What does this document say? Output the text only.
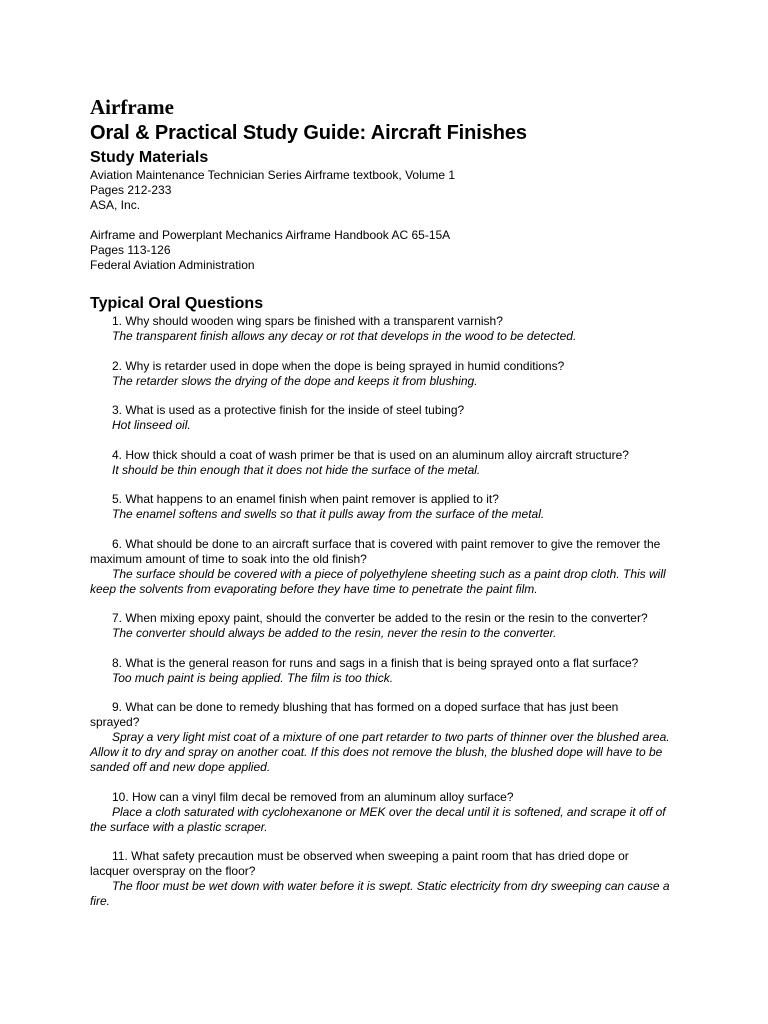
Airframe
Oral & Practical Study Guide: Aircraft Finishes
Study Materials
Aviation Maintenance Technician Series Airframe textbook, Volume 1
Pages 212-233
ASA, Inc.
Airframe and Powerplant Mechanics Airframe Handbook AC 65-15A
Pages 113-126
Federal Aviation Administration
Typical Oral Questions
1. Why should wooden wing spars be finished with a transparent varnish?
The transparent finish allows any decay or rot that develops in the wood to be detected.
2. Why is retarder used in dope when the dope is being sprayed in humid conditions?
The retarder slows the drying of the dope and keeps it from blushing.
3. What is used as a protective finish for the inside of steel tubing?
Hot linseed oil.
4. How thick should a coat of wash primer be that is used on an aluminum alloy aircraft structure?
It should be thin enough that it does not hide the surface of the metal.
5. What happens to an enamel finish when paint remover is applied to it?
The enamel softens and swells so that it pulls away from the surface of the metal.
6. What should be done to an aircraft surface that is covered with paint remover to give the remover the maximum amount of time to soak into the old finish?
The surface should be covered with a piece of polyethylene sheeting such as a paint drop cloth. This will keep the solvents from evaporating before they have time to penetrate the paint film.
7. When mixing epoxy paint, should the converter be added to the resin or the resin to the converter?
The converter should always be added to the resin, never the resin to the converter.
8. What is the general reason for runs and sags in a finish that is being sprayed onto a flat surface?
Too much paint is being applied. The film is too thick.
9. What can be done to remedy blushing that has formed on a doped surface that has just been sprayed?
Spray a very light mist coat of a mixture of one part retarder to two parts of thinner over the blushed area. Allow it to dry and spray on another coat. If this does not remove the blush, the blushed dope will have to be sanded off and new dope applied.
10. How can a vinyl film decal be removed from an aluminum alloy surface?
Place a cloth saturated with cyclohexanone or MEK over the decal until it is softened, and scrape it off of the surface with a plastic scraper.
11. What safety precaution must be observed when sweeping a paint room that has dried dope or lacquer overspray on the floor?
The floor must be wet down with water before it is swept. Static electricity from dry sweeping can cause a fire.
